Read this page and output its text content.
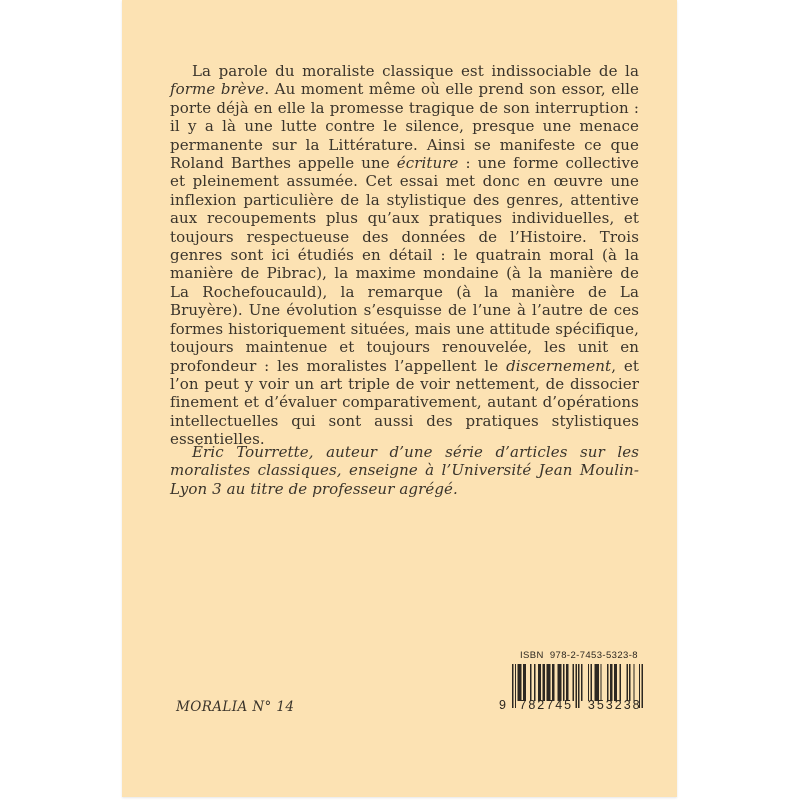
La parole du moraliste classique est indissociable de la forme brève. Au moment même où elle prend son essor, elle porte déjà en elle la promesse tragique de son interruption : il y a là une lutte contre le silence, presque une menace permanente sur la Littérature. Ainsi se manifeste ce que Roland Barthes appelle une écriture : une forme collective et pleinement assumée. Cet essai met donc en œuvre une inflexion particulière de la stylistique des genres, attentive aux recoupements plus qu’aux pratiques individuelles, et toujours respectueuse des données de l’Histoire. Trois genres sont ici étudiés en détail : le quatrain moral (à la manière de Pibrac), la maxime mondaine (à la manière de La Rochefoucauld), la remarque (à la manière de La Bruyère). Une évolution s’esquisse de l’une à l’autre de ces formes historiquement situées, mais une attitude spécifique, toujours maintenue et toujours renouvelée, les unit en profondeur : les moralistes l’appellent le discernement, et l’on peut y voir un art triple de voir nettement, de dissocier finement et d’évaluer comparativement, autant d’opérations intellectuelles qui sont aussi des pratiques stylistiques essentielles.

Éric Tourrette, auteur d’une série d’articles sur les moralistes classiques, enseigne à l’Université Jean Moulin-Lyon 3 au titre de professeur agrégé.

MORALIA N° 14
ISBN 978-2-7453-5323-8
9	782745	353238
